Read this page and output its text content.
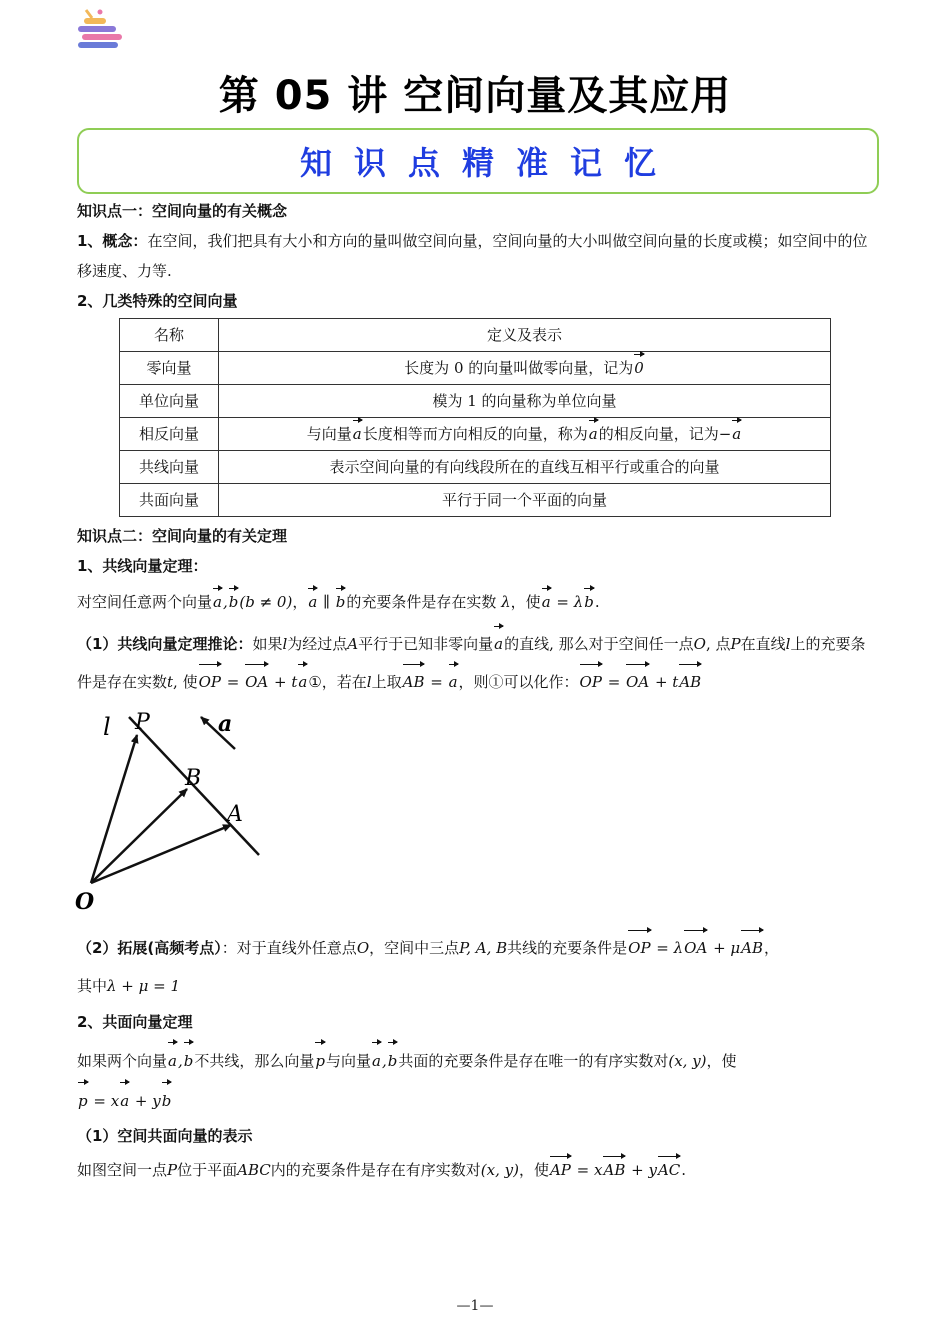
第 05 讲 空间向量及其应用
知识点精准记忆
知识点一：空间向量的有关概念

1、概念：在空间，我们把具有大小和方向的量叫做空间向量，空间向量的大小叫做空间向量的长度或模；如空间中的位移速度、力等.

2、几类特殊的空间向量
名称	定义及表示
零向量	长度为 0 的向量叫做零向量，记为0
单位向量	模为 1 的向量称为单位向量
相反向量	与向量a长度相等而方向相反的向量，称为a的相反向量，记为−a
共线向量	表示空间向量的有向线段所在的直线互相平行或重合的向量
共面向量	平行于同一个平面的向量
知识点二：空间向量的有关定理
1、共线向量定理：

对空间任意两个向量a,b(b ≠ 0)，a ∥ b的充要条件是存在实数 λ，使a = λb.

（1）共线向量定理推论：如果l为经过点A平行于已知非零向量a的直线, 那么对于空间任一点O, 点P在直线l上的充要条件是存在实数t, 使OP = OA + ta①，若在l上取AB = a，则①可以化作：OP = OA + tAB

l P	a
B
A
O

（2）拓展(高频考点）：对于直线外任意点O，空间中三点P, A, B共线的充要条件是OP = λOA + μAB，
其中λ + μ = 1

2、共面向量定理

如果两个向量a,b不共线，那么向量p与向量a,b共面的充要条件是存在唯一的有序实数对(x, y)，使
p = xa + yb

（1）空间共面向量的表示

如图空间一点P位于平面ABC内的充要条件是存在有序实数对(x, y)，使AP = xAB + yAC.

—1—
